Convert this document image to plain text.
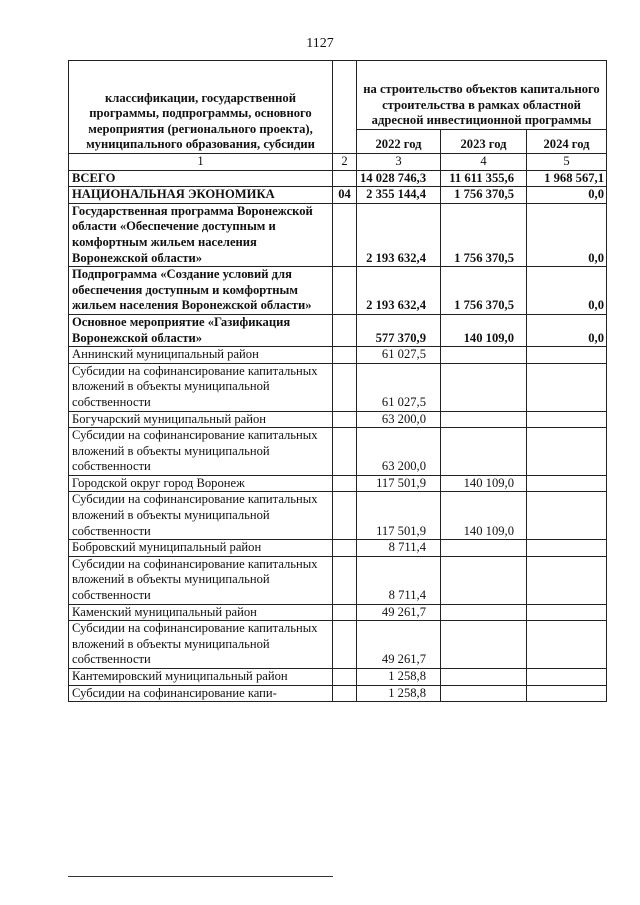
1127
классификации, государственной программы, подпрограммы, основного мероприятия (регионального проекта), муниципального образования, субсидии		на строительство объектов капитального строительства в рамках областной адресной инвестиционной программы		
		2022 год	2023 год	2024 год
1	2	3	4	5
ВСЕГО		14 028 746,3	11 611 355,6	1 968 567,1
НАЦИОНАЛЬНАЯ ЭКОНОМИКА	04	2 355 144,4	1 756 370,5	0,0
Государственная программа Воронежской области «Обеспечение доступным и комфортным жильем населения Воронежской области»		2 193 632,4	1 756 370,5	0,0
Подпрограмма «Создание условий для обеспечения доступным и комфортным жильем населения Воронежской области»		2 193 632,4	1 756 370,5	0,0
Основное мероприятие «Газификация Воронежской области»		577 370,9	140 109,0	0,0
Аннинский муниципальный район		61 027,5		
Субсидии на софинансирование капитальных вложений в объекты муниципальной собственности		61 027,5		
Богучарский муниципальный район		63 200,0		
Субсидии на софинансирование капитальных вложений в объекты муниципальной собственности		63 200,0		
Городской округ город Воронеж		117 501,9	140 109,0	
Субсидии на софинансирование капитальных вложений в объекты муниципальной собственности		117 501,9	140 109,0	
Бобровский муниципальный район		8 711,4		
Субсидии на софинансирование капитальных вложений в объекты муниципальной собственности		8 711,4		
Каменский муниципальный район		49 261,7		
Субсидии на софинансирование капитальных вложений в объекты муниципальной собственности		49 261,7		
Кантемировский муниципальный район		1 258,8		
Субсидии на софинансирование капи-		1 258,8		
